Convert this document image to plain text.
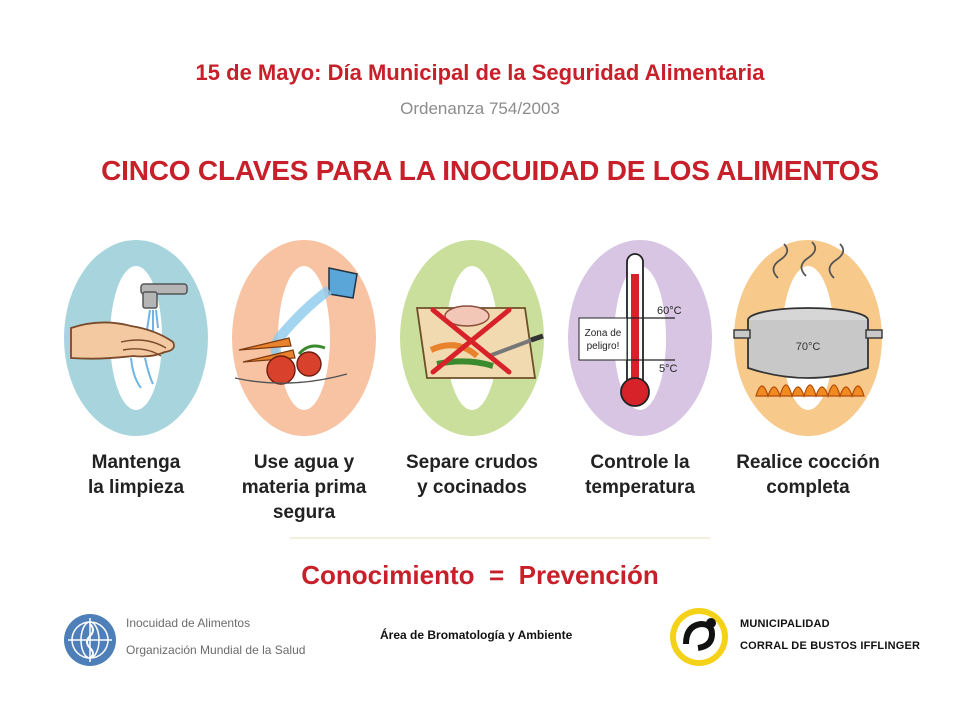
15 de Mayo: Día Municipal de la Seguridad Alimentaria
Ordenanza 754/2003
CINCO CLAVES PARA LA INOCUIDAD DE LOS ALIMENTOS
Mantenga
la limpieza
Use agua y
materia prima
segura
Separe crudos
y cocinados
Zona de
peligro!
60°C
5°C
Controle la
temperatura
70°C
Realice cocción
completa
Conocimiento  =  Prevención
Inocuidad de Alimentos
Organización Mundial de la Salud
Área de Bromatología y Ambiente
MUNICIPALIDAD
CORRAL DE BUSTOS IFFLINGER
